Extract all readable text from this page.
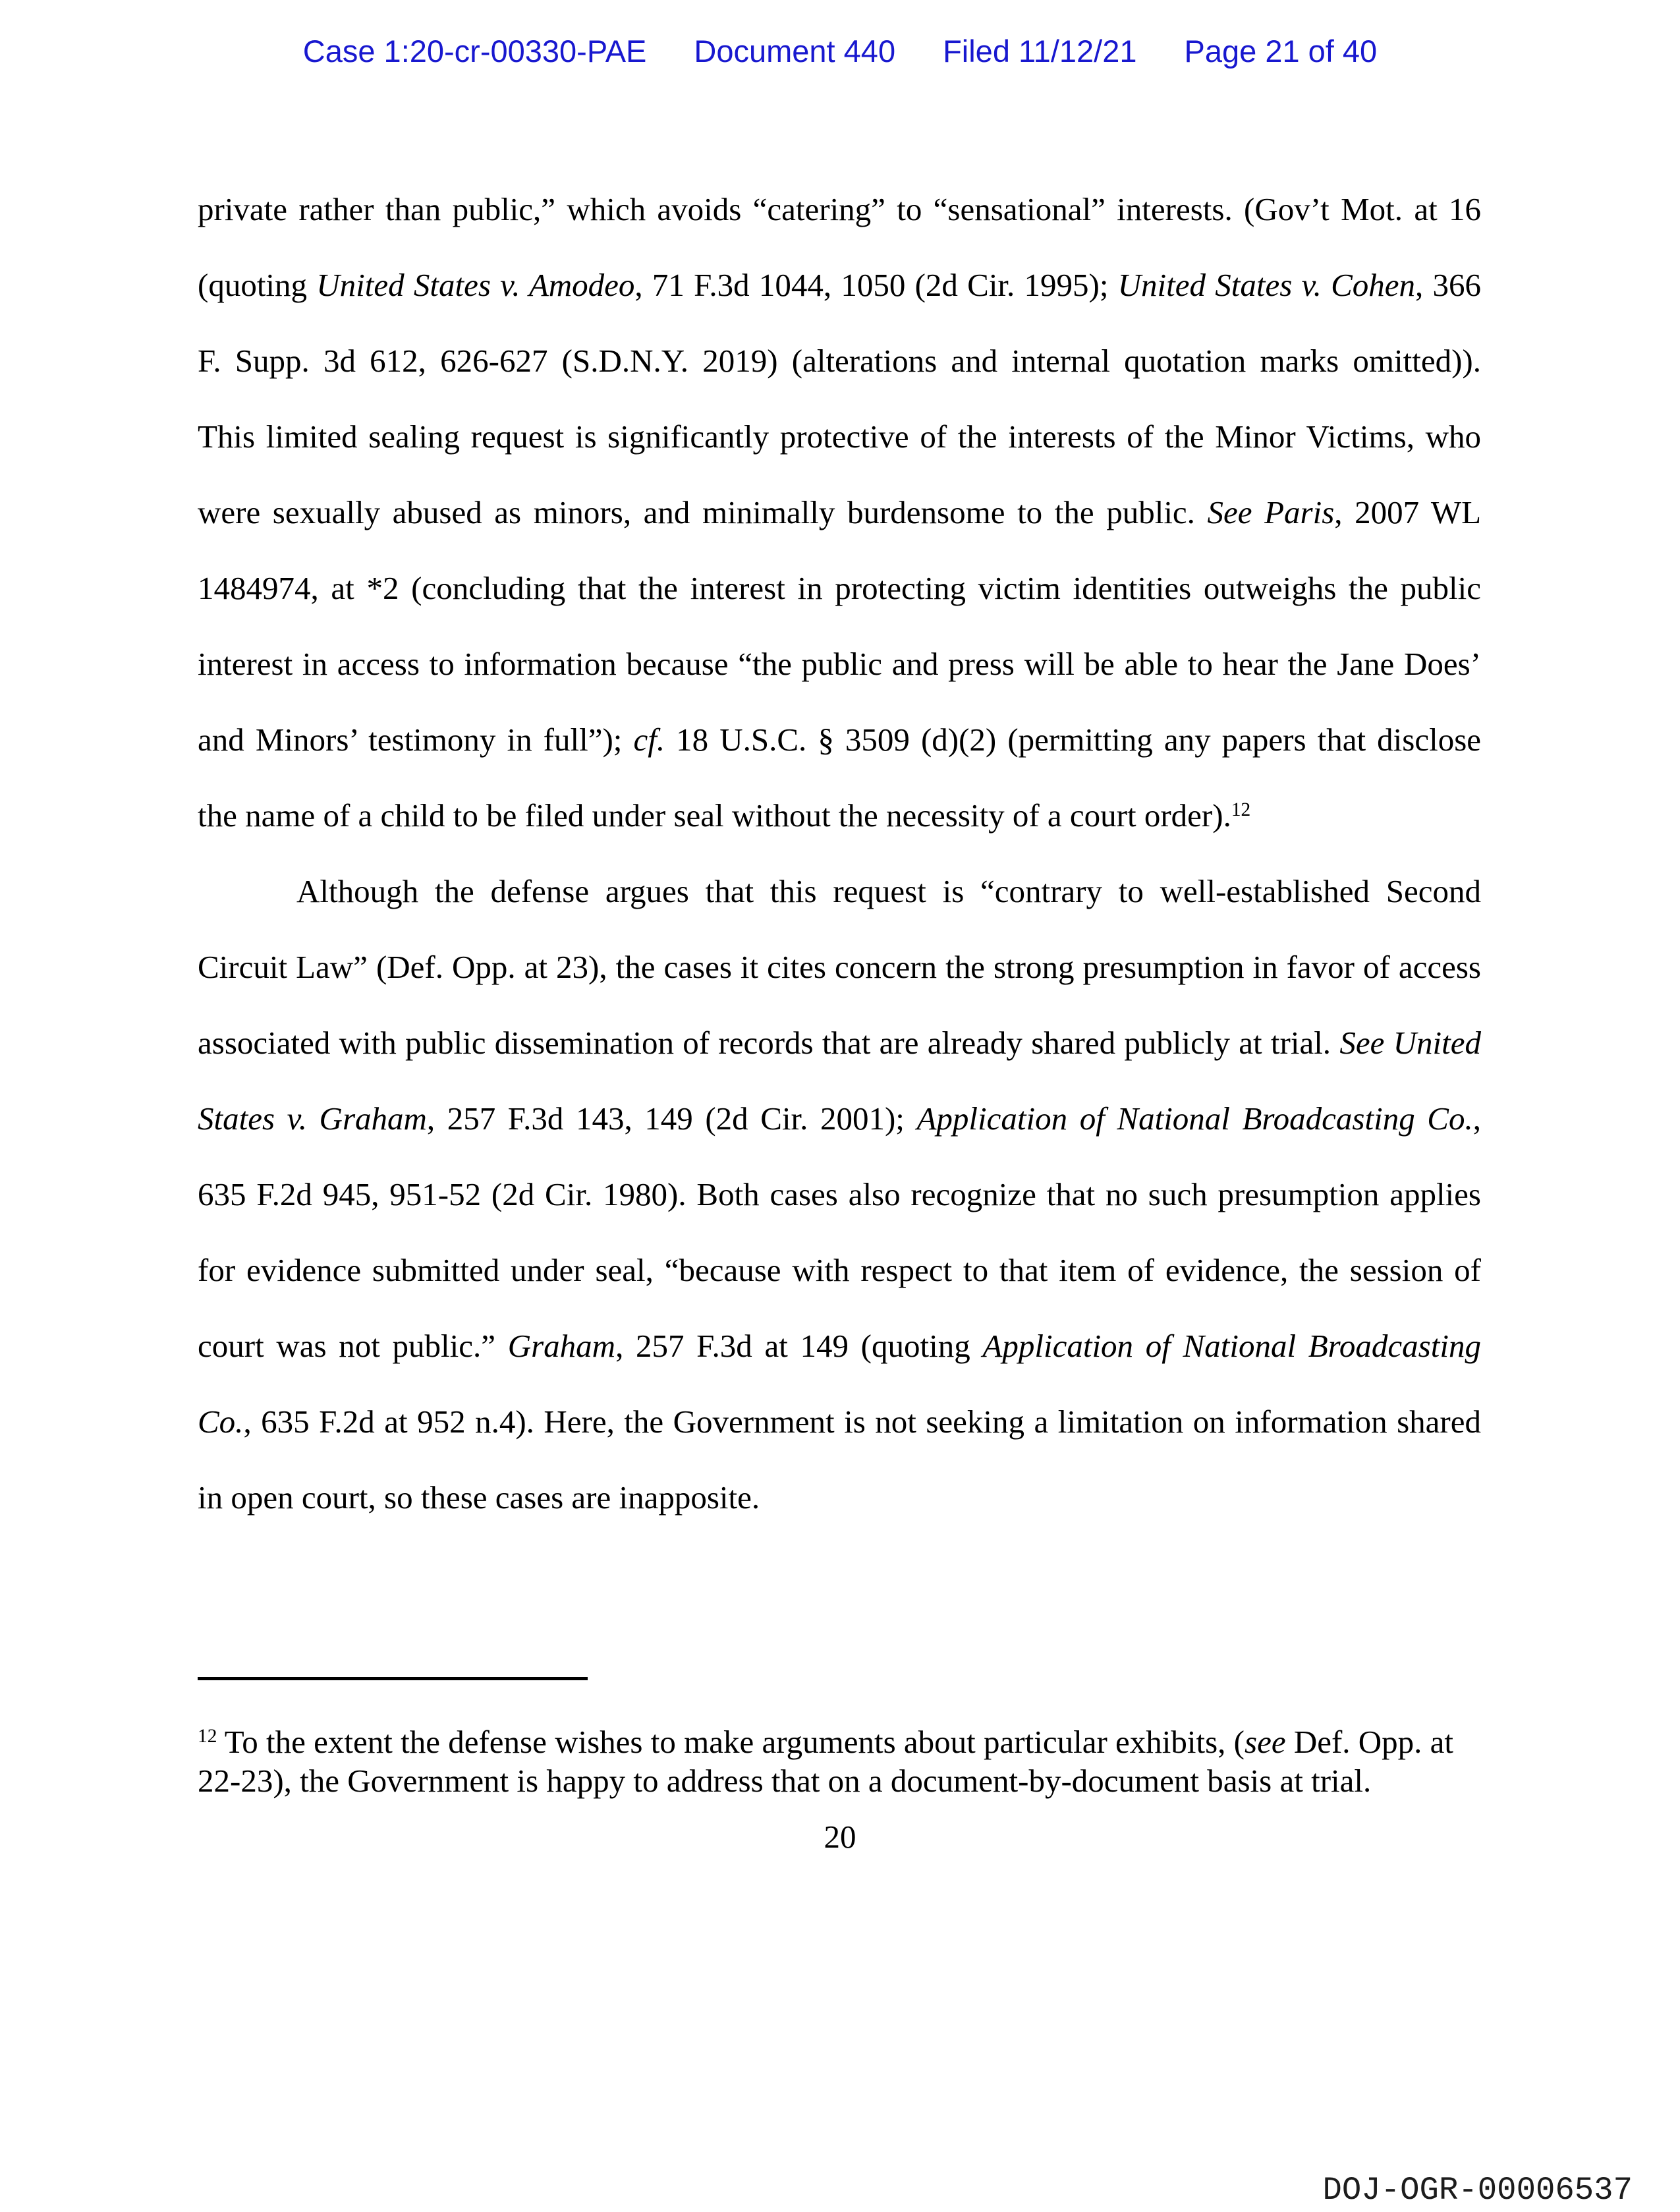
Case 1:20-cr-00330-PAE Document 440 Filed 11/12/21 Page 21 of 40
private rather than public,” which avoids “catering” to “sensational” interests. (Gov’t Mot. at 16
(quoting United States v. Amodeo, 71 F.3d 1044, 1050 (2d Cir. 1995); United States v. Cohen, 366
F. Supp. 3d 612, 626-627 (S.D.N.Y. 2019) (alterations and internal quotation marks omitted)).
This limited sealing request is significantly protective of the interests of the Minor Victims, who
were sexually abused as minors, and minimally burdensome to the public. See Paris, 2007 WL
1484974, at *2 (concluding that the interest in protecting victim identities outweighs the public
interest in access to information because “the public and press will be able to hear the Jane Does’
and Minors’ testimony in full”); cf. 18 U.S.C. § 3509 (d)(2) (permitting any papers that disclose
the name of a child to be filed under seal without the necessity of a court order).$^{12}$
Although the defense argues that this request is “contrary to well-established Second
Circuit Law” (Def. Opp. at 23), the cases it cites concern the strong presumption in favor of access
associated with public dissemination of records that are already shared publicly at trial. See United
States v. Graham, 257 F.3d 143, 149 (2d Cir. 2001); Application of National Broadcasting Co.,
635 F.2d 945, 951-52 (2d Cir. 1980). Both cases also recognize that no such presumption applies
for evidence submitted under seal, “because with respect to that item of evidence, the session of
court was not public.” Graham, 257 F.3d at 149 (quoting Application of National Broadcasting
Co., 635 F.2d at 952 n.4). Here, the Government is not seeking a limitation on information shared
in open court, so these cases are inapposite.
$^{12}$ To the extent the defense wishes to make arguments about particular exhibits, (see Def. Opp. at
22-23), the Government is happy to address that on a document-by-document basis at trial.
20
DOJ-OGR-00006537
